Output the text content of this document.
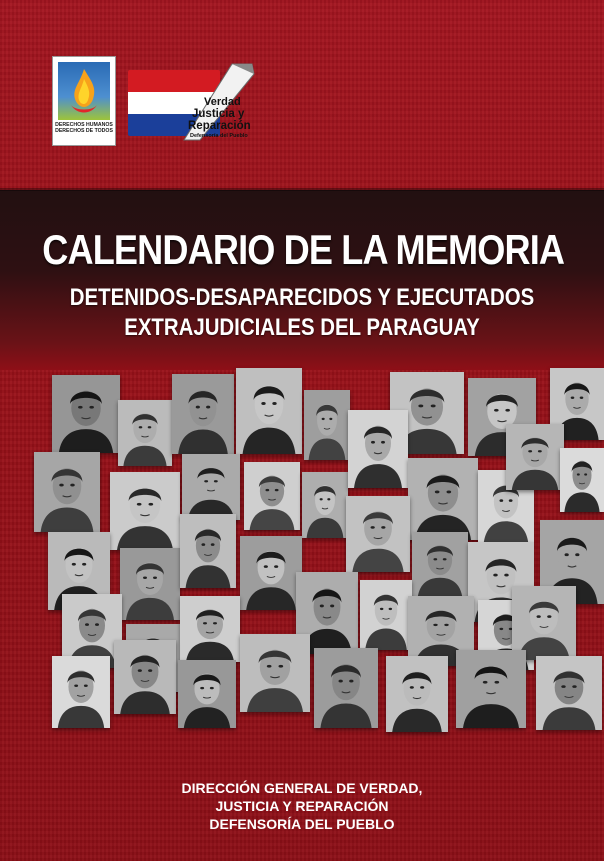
DERECHOS HUMANOS
DERECHOS DE TODOS
Verdad
Justicia y
Reparación
Defensoría del Pueblo
CALENDARIO DE LA MEMORIA
DETENIDOS-DESAPARECIDOS Y EJECUTADOS
EXTRAJUDICIALES DEL PARAGUAY
DIRECCIÓN GENERAL DE VERDAD,
JUSTICIA Y REPARACIÓN
DEFENSORÍA DEL PUEBLO
